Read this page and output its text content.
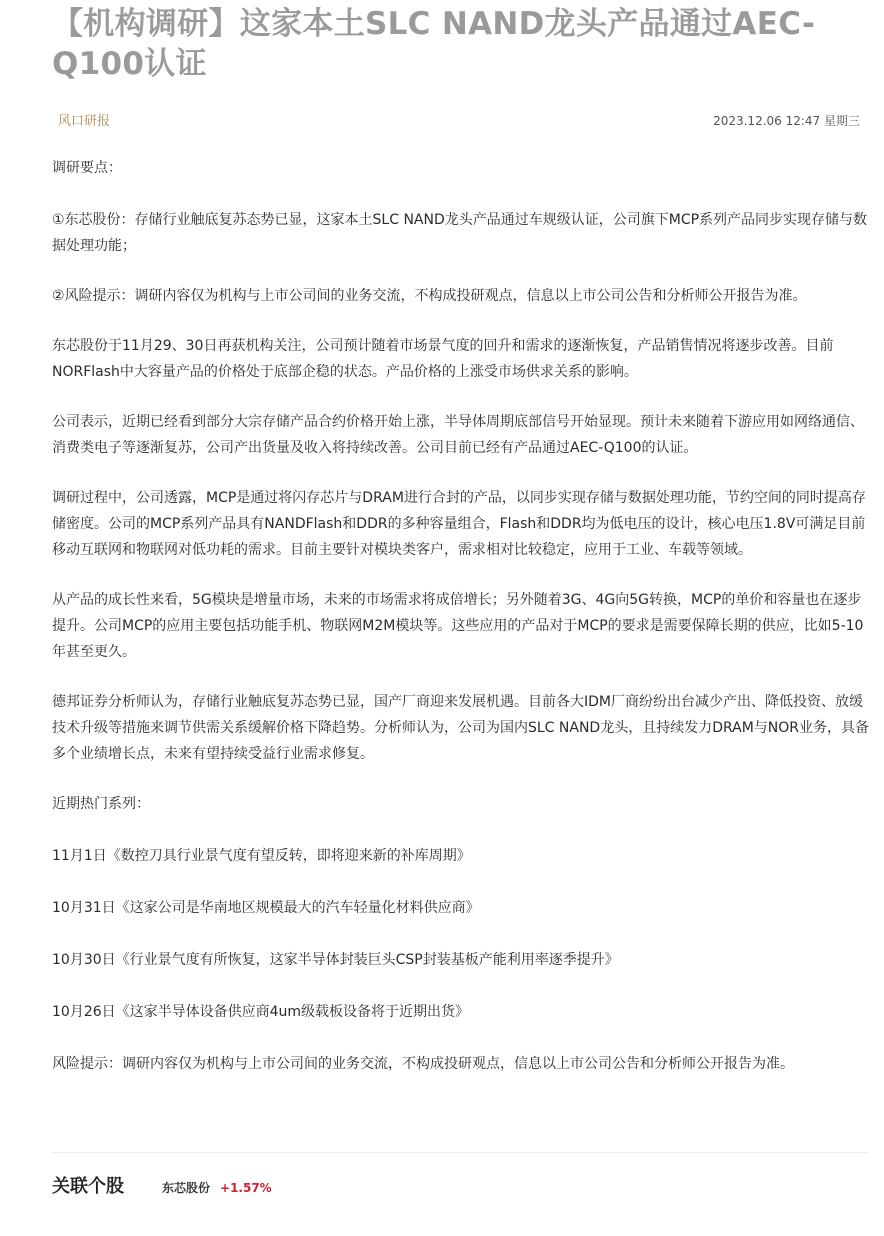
【机构调研】这家本土SLC NAND龙头产品通过AEC-Q100认证
风口研报	2023.12.06 12:47 星期三

调研要点：

①东芯股份：存储行业触底复苏态势已显，这家本土SLC NAND龙头产品通过车规级认证，公司旗下MCP系列产品同步实现存储与数据处理功能；

②风险提示：调研内容仅为机构与上市公司间的业务交流，不构成投研观点，信息以上市公司公告和分析师公开报告为准。

东芯股份于11月29、30日再获机构关注，公司预计随着市场景气度的回升和需求的逐渐恢复，产品销售情况将逐步改善。目前NORFlash中大容量产品的价格处于底部企稳的状态。产品价格的上涨受市场供求关系的影响。

公司表示，近期已经看到部分大宗存储产品合约价格开始上涨，半导体周期底部信号开始显现。预计未来随着下游应用如网络通信、消费类电子等逐渐复苏，公司产出货量及收入将持续改善。公司目前已经有产品通过AEC-Q100的认证。

调研过程中，公司透露，MCP是通过将闪存芯片与DRAM进行合封的产品，以同步实现存储与数据处理功能，节约空间的同时提高存储密度。公司的MCP系列产品具有NANDFlash和DDR的多种容量组合，Flash和DDR均为低电压的设计，核心电压1.8V可满足目前移动互联网和物联网对低功耗的需求。目前主要针对模块类客户，需求相对比较稳定，应用于工业、车载等领域。

从产品的成长性来看，5G模块是增量市场，未来的市场需求将成倍增长；另外随着3G、4G向5G转换，MCP的单价和容量也在逐步提升。公司MCP的应用主要包括功能手机、物联网M2M模块等。这些应用的产品对于MCP的要求是需要保障长期的供应，比如5-10年甚至更久。

德邦证券分析师认为，存储行业触底复苏态势已显，国产厂商迎来发展机遇。目前各大IDM厂商纷纷出台减少产出、降低投资、放缓技术升级等措施来调节供需关系缓解价格下降趋势。分析师认为，公司为国内SLC NAND龙头，且持续发力DRAM与NOR业务，具备多个业绩增长点，未来有望持续受益行业需求修复。

近期热门系列：

11月1日《数控刀具行业景气度有望反转，即将迎来新的补库周期》

10月31日《这家公司是华南地区规模最大的汽车轻量化材料供应商》

10月30日《行业景气度有所恢复，这家半导体封装巨头CSP封装基板产能利用率逐季提升》

10月26日《这家半导体设备供应商4um级载板设备将于近期出货》

风险提示：调研内容仅为机构与上市公司间的业务交流，不构成投研观点，信息以上市公司公告和分析师公开报告为准。

关联个股	东芯股份 +1.57%
